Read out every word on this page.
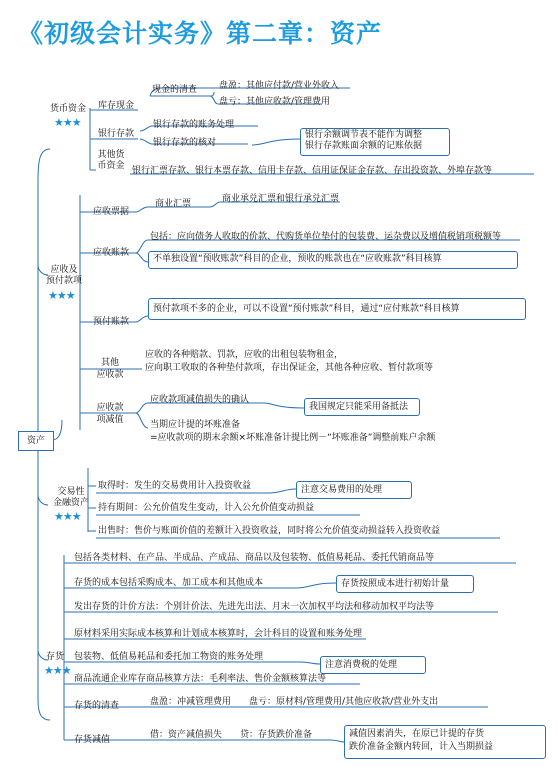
《初级会计实务》第二章：资产
资产
货币资金
★★★
库存现金
现金的清查 盘盈：其他应付款/营业外收入
盘亏：其他应收款/管理费用
银行存款
银行存款的账务处理
银行存款的核对
银行余额调节表不能作为调整
银行存款账面余额的记账依据
其他货
币资金 银行汇票存款、银行本票存款、信用卡存款、信用证保证金存款、存出投资款、外埠存款等
应收及
预付款项
★★★
应收票据
商业汇票	商业承兑汇票和银行承兑汇票
应收账款
包括：应向债务人收取的价款、代购货单位垫付的包装费、运杂费以及增值税销项税额等
不单独设置“预收账款”科目的企业，预收的账款也在“应收账款”科目核算
预付账款
预付款项不多的企业，可以不设置“预付账款”科目，通过“应付账款”科目核算
其他
应收款
应收的各种赔款、罚款，应收的出租包装物租金，
应向职工收取的各种垫付款项，存出保证金，其他各种应收、暂付款项等
应收款
项减值
应收款项减值损失的确认
我国规定只能采用备抵法
当期应计提的坏账准备
=应收款项的期末余额×坏账准备计提比例－“坏账准备”调整前账户余额
交易性
金融资产
★★★
取得时：发生的交易费用计入投资收益	注意交易费用的处理
持有期间：公允价值发生变动，计入公允价值变动损益
出售时：售价与账面价值的差额计入投资收益，同时将公允价值变动损益转入投资收益
存货
★★★
包括各类材料、在产品、半成品、产成品、商品以及包装物、低值易耗品、委托代销商品等
存货的成本包括采购成本、加工成本和其他成本	存货按照成本进行初始计量
发出存货的计价方法：个别计价法、先进先出法、月末一次加权平均法和移动加权平均法等
原材料采用实际成本核算和计划成本核算时，会计科目的设置和账务处理
包装物、低值易耗品和委托加工物资的账务处理
注意消费税的处理
商品流通企业库存商品核算方法：毛利率法、售价金额核算法等
存货的清查	盘盈：冲减管理费用　　盘亏：原材料/管理费用/其他应收款/营业外支出
存货减值	借：资产减值损失　　贷：存货跌价准备	减值因素消失，在原已计提的存货
跌价准备金额内转回，计入当期损益
